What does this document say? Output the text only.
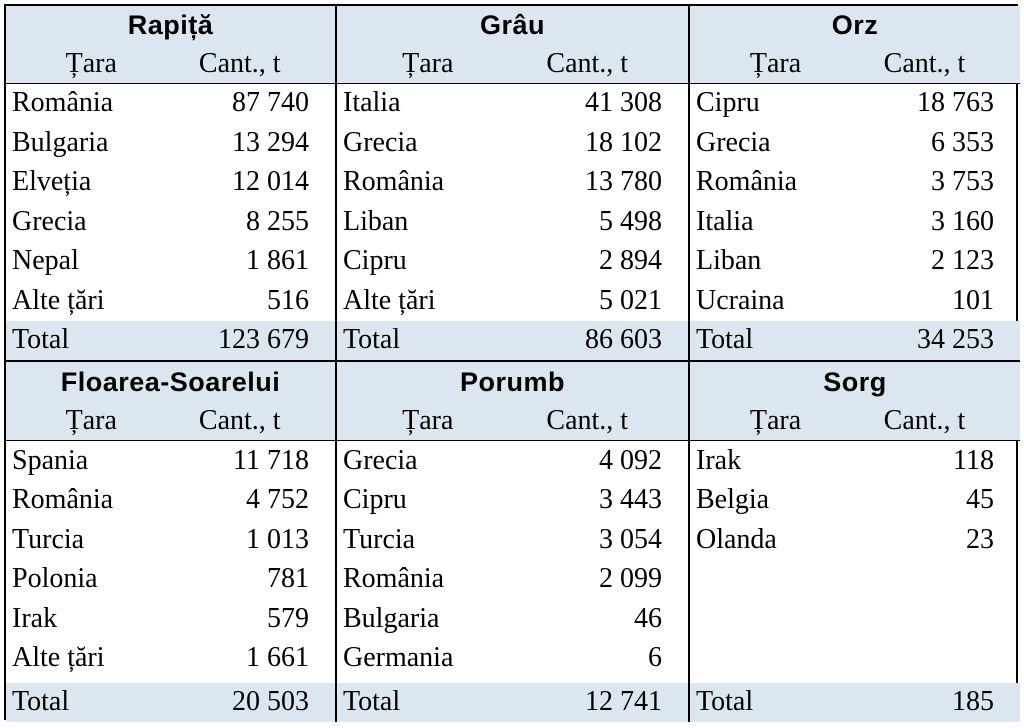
Rapiță
Țara	Cant., t
România	87 740
Bulgaria	13 294
Elveția	12 014
Grecia	8 255
Nepal	1 861
Alte țări	516
Total	123 679
Grâu
Țara	Cant., t
Italia	41 308
Grecia	18 102
România	13 780
Liban	5 498
Cipru	2 894
Alte țări	5 021
Total	86 603
Orz
Țara	Cant., t
Cipru	18 763
Grecia	6 353
România	3 753
Italia	3 160
Liban	2 123
Ucraina	101
Total	34 253
Floarea-Soarelui
Țara	Cant., t
Spania	11 718
România	4 752
Turcia	1 013
Polonia	781
Irak	579
Alte țări	1 661
Total	20 503
Porumb
Țara	Cant., t
Grecia	4 092
Cipru	3 443
Turcia	3 054
România	2 099
Bulgaria	46
Germania	6
Total	12 741
Sorg
Țara	Cant., t
Irak	118
Belgia	45
Olanda	23
Total	185
